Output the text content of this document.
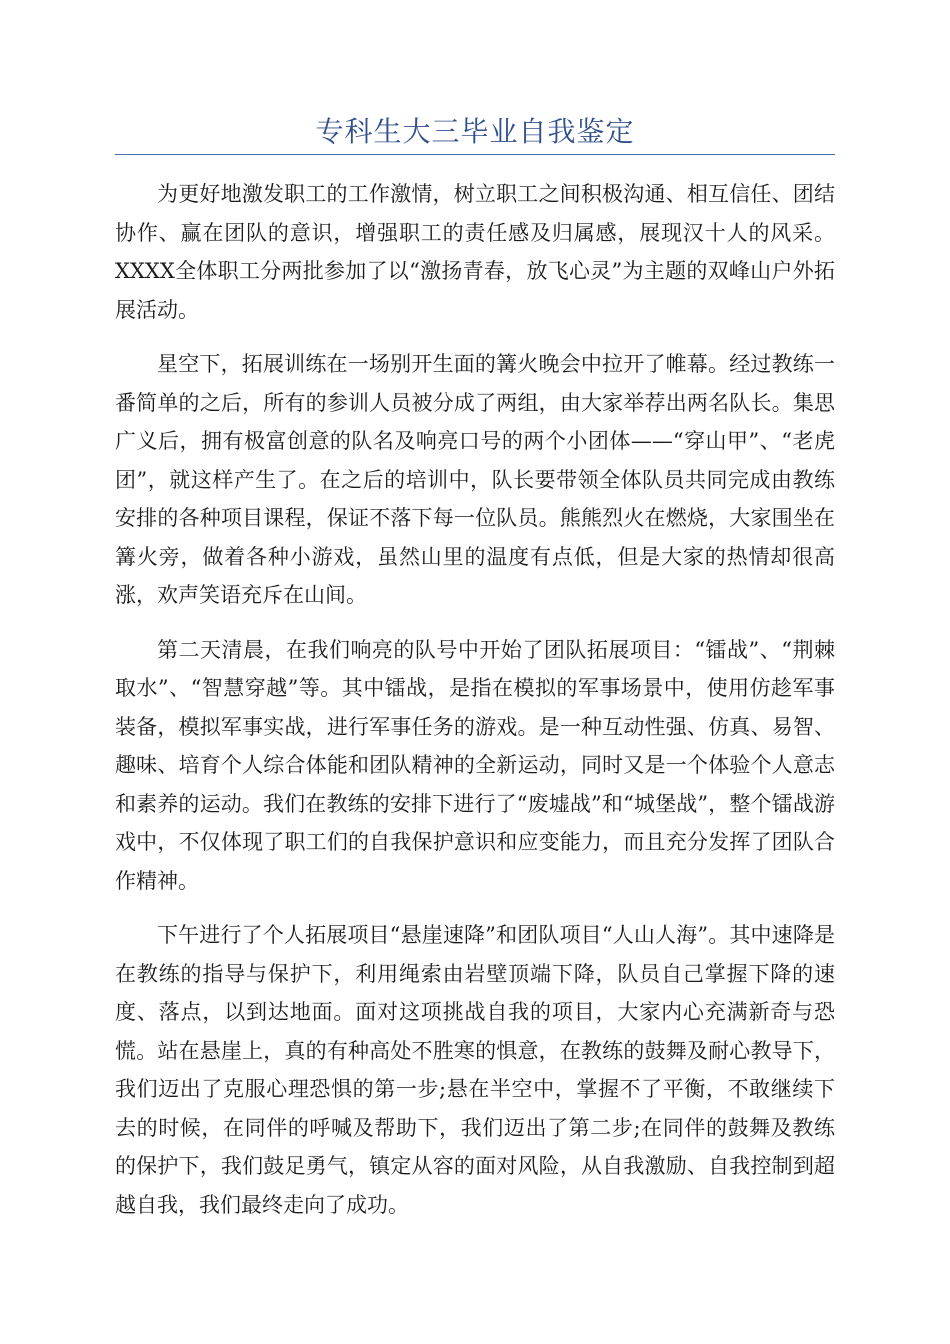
专科生大三毕业自我鉴定

为更好地激发职工的工作激情，树立职工之间积极沟通、相互信任、团结协作、赢在团队的意识，增强职工的责任感及归属感，展现汉十人的风采。XXXX全体职工分两批参加了以“激扬青春，放飞心灵”为主题的双峰山户外拓展活动。

星空下，拓展训练在一场别开生面的篝火晚会中拉开了帷幕。经过教练一番简单的之后，所有的参训人员被分成了两组，由大家举荐出两名队长。集思广义后，拥有极富创意的队名及响亮口号的两个小团体——“穿山甲”、“老虎团”，就这样产生了。在之后的培训中，队长要带领全体队员共同完成由教练安排的各种项目课程，保证不落下每一位队员。熊熊烈火在燃烧，大家围坐在篝火旁，做着各种小游戏，虽然山里的温度有点低，但是大家的热情却很高涨，欢声笑语充斥在山间。

第二天清晨，在我们响亮的队号中开始了团队拓展项目：“镭战”、“荆棘取水”、“智慧穿越”等。其中镭战，是指在模拟的军事场景中，使用仿趁军事装备，模拟军事实战，进行军事任务的游戏。是一种互动性强、仿真、易智、趣味、培育个人综合体能和团队精神的全新运动，同时又是一个体验个人意志和素养的运动。我们在教练的安排下进行了“废墟战”和“城堡战”，整个镭战游戏中，不仅体现了职工们的自我保护意识和应变能力，而且充分发挥了团队合作精神。

下午进行了个人拓展项目“悬崖速降”和团队项目“人山人海”。其中速降是在教练的指导与保护下，利用绳索由岩壁顶端下降，队员自己掌握下降的速度、落点，以到达地面。面对这项挑战自我的项目，大家内心充满新奇与恐慌。站在悬崖上，真的有种高处不胜寒的惧意，在教练的鼓舞及耐心教导下，我们迈出了克服心理恐惧的第一步;悬在半空中，掌握不了平衡，不敢继续下去的时候，在同伴的呼喊及帮助下，我们迈出了第二步;在同伴的鼓舞及教练的保护下，我们鼓足勇气，镇定从容的面对风险，从自我激励、自我控制到超越自我，我们最终走向了成功。
